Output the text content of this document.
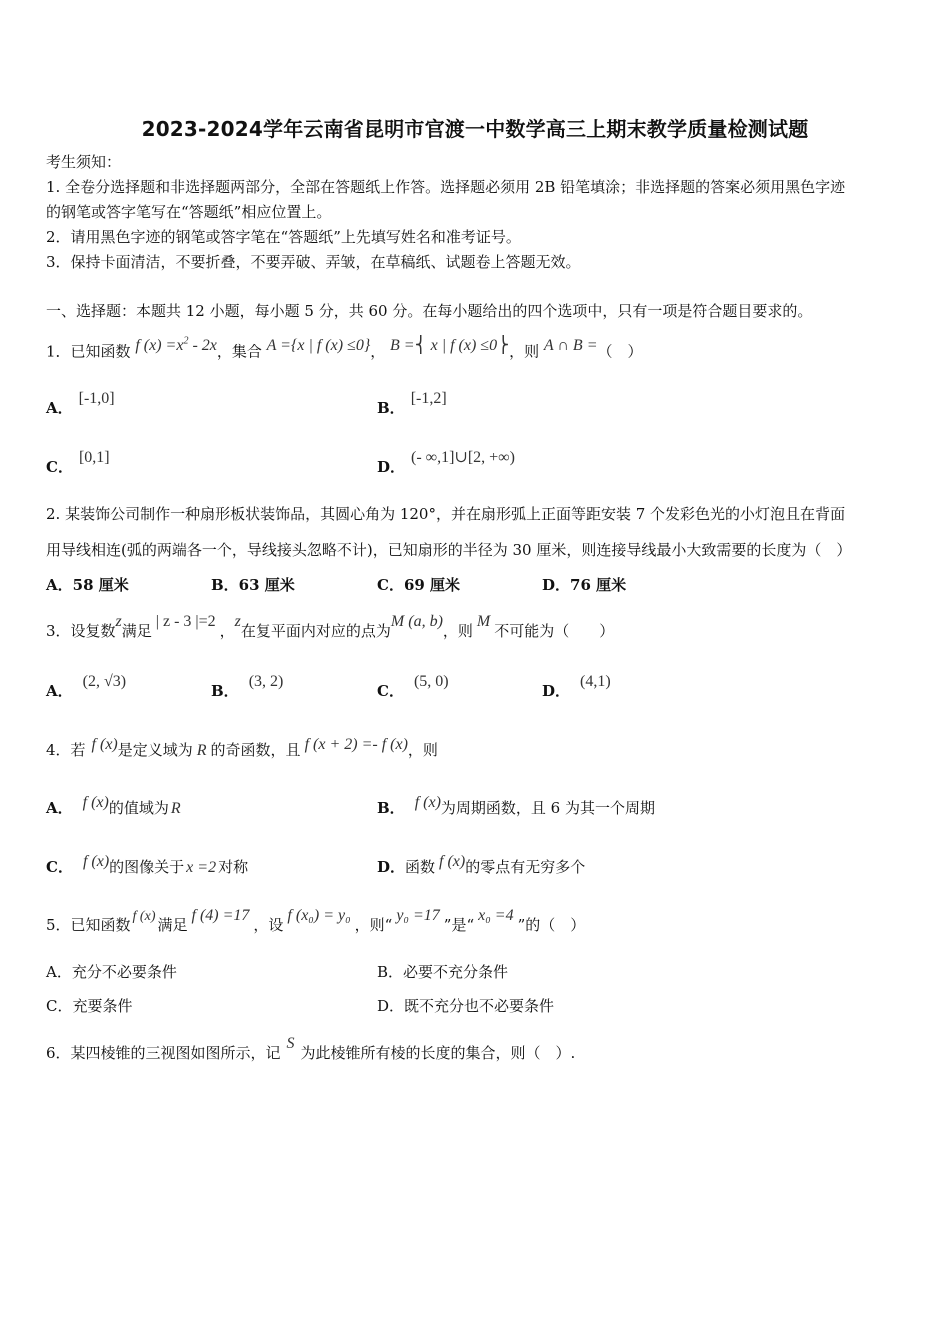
2023-2024学年云南省昆明市官渡一中数学高三上期末教学质量检测试题
考生须知：
1. 全卷分选择题和非选择题两部分，全部在答题纸上作答。选择题必须用 2B 铅笔填涂；非选择题的答案必须用黑色字迹
的钢笔或答字笔写在“答题纸”相应位置上。
2．请用黑色字迹的钢笔或答字笔在“答题纸”上先填写姓名和准考证号。
3．保持卡面清洁，不要折叠，不要弄破、弄皱，在草稿纸、试题卷上答题无效。
一、选择题：本题共 12 小题，每小题 5 分，共 60 分。在每小题给出的四个选项中，只有一项是符合题目要求的。
1．已知函数 f $(x) =x^2 - 2x$，集合 A ={x | f (x) ≤0}， B =⎨ x | f (x) ≤0⎬，则 A ∩ B =（　）
A．[-1,0]
B．[-1,2]
C．[0,1]
D．(- ∞,1]∪[2, +∞)
2. 某装饰公司制作一种扇形板状装饰品，其圆心角为 120°，并在扇形弧上正面等距安装 7 个发彩色光的小灯泡且在背面
用导线相连(弧的两端各一个，导线接头忽略不计)，已知扇形的半径为 30 厘米，则连接导线最小大致需要的长度为（　）
A．58 厘米	B．63 厘米	C．69 厘米	D．76 厘米
3．设复数z满足| z - 3 |=2，z在复平面内对应的点为M (a, b)，则M不可能为（　　）
A．(2, √3)
B．(3, 2)
C．(5, 0)
D．(4,1)
4．若 f (x)是定义域为 R 的奇函数，且 f (x + 2) =- f (x)，则
A． f (x)的值域为 R	B． f (x)为周期函数，且 6 为其一个周期
C． f (x)的图像关于 x =2 对称	D．函数 f (x)的零点有无穷多个
5．已知函数 f (x) 满足f (4) =17，设f (x₀) = y₀，则“y₀ =17”是“x₀ =4”的（　）
A．充分不必要条件	B．必要不充分条件
C．充要条件	D．既不充分也不必要条件
6．某四棱锥的三视图如图所示，记S为此棱锥所有棱的长度的集合，则（　）.
